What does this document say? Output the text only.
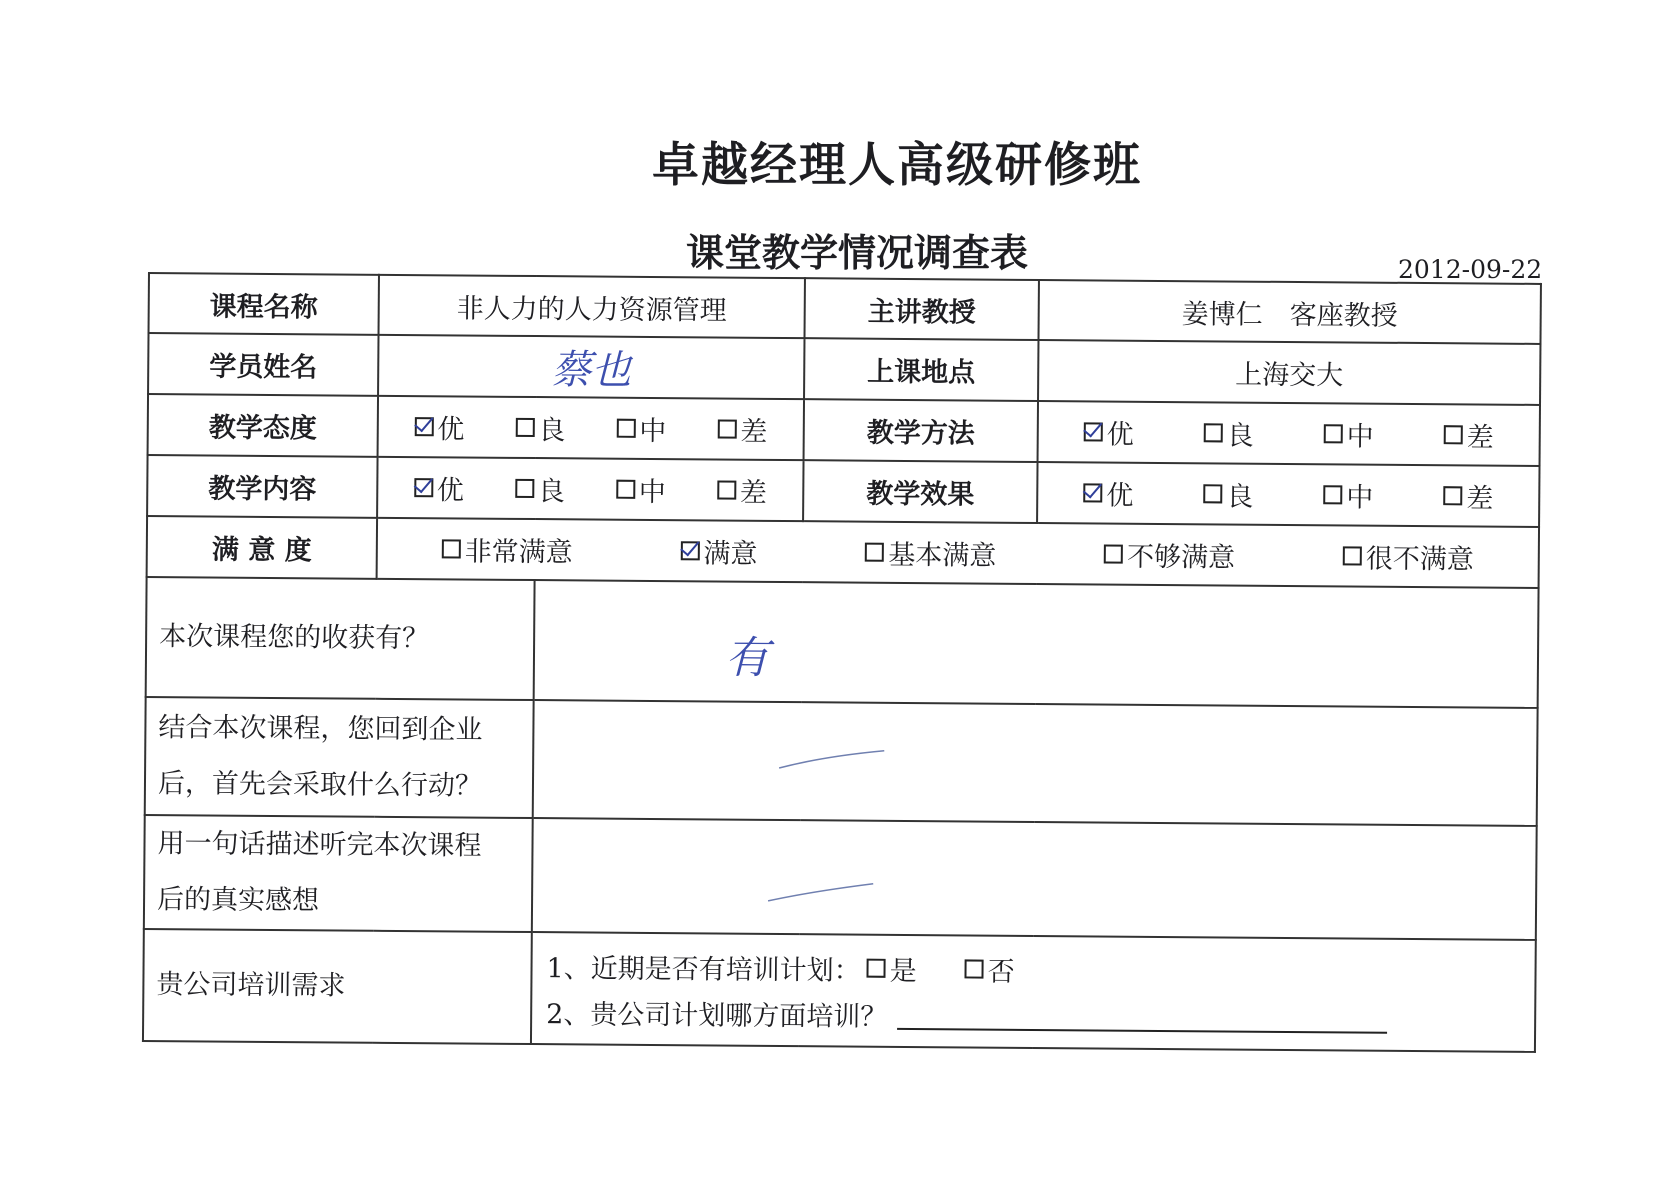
卓越经理人高级研修班
课堂教学情况调查表	2012-09-22
课程名称	非人力的人力资源管理		主讲教授	姜博仁　客座教授
学员姓名	蔡也		上课地点	上海交大
教学态度	优 良 中 差		教学方法	优 良 中 差

教学内容	优 良 中 差		教学效果	优 良 中 差

满 意 度	非常满意 满意 基本满意 不够满意 很不满意			

本次课程您的收获有？		有		

结合本次课程，您回到企业
后，首先会采取什么行动？

用一句话描述听完本次课程
后的真实感想

贵公司培训需求		1、近期是否有培训计划： 是 否
2、贵公司计划哪方面培训？		
